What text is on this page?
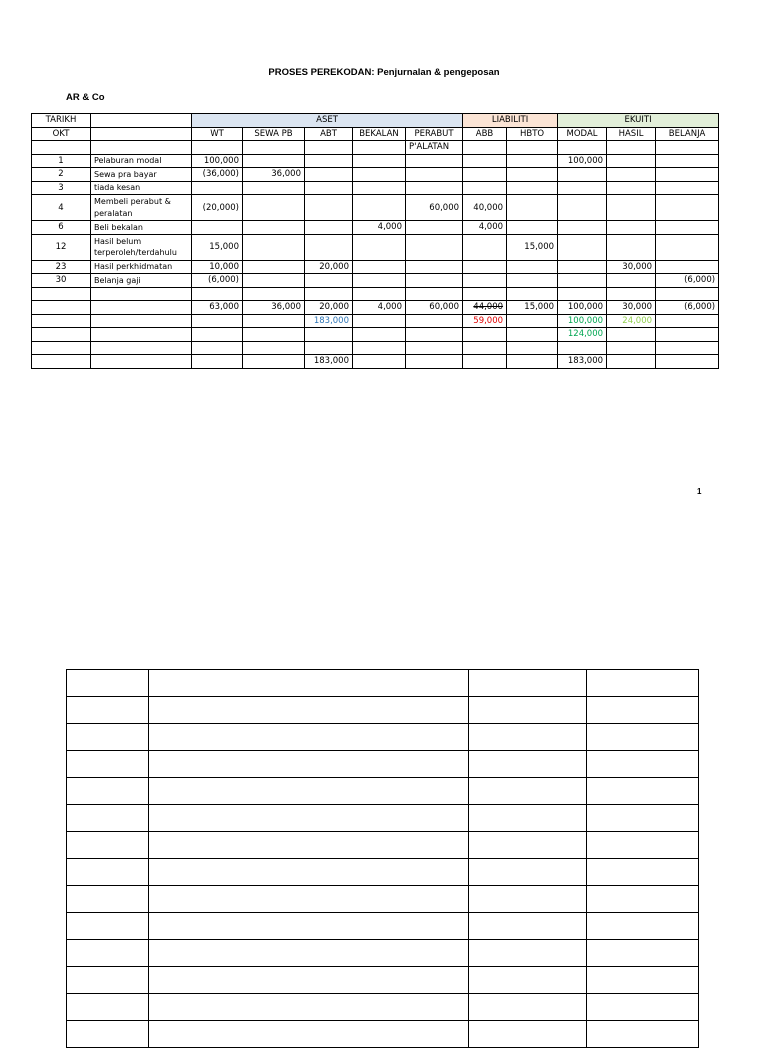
PROSES PEREKODAN: Penjurnalan & pengeposan
AR & Co
TARIKH		ASET					LIABILITI		EKUITI		
OKT		WT	SEWA PB	ABT	BEKALAN	PERABUT	ABB	HBTO	MODAL	HASIL	BELANJA
						P'ALATAN					
1	Pelaburan modal	100,000							100,000		
2	Sewa pra bayar	(36,000)	36,000								
3	tiada kesan										
4	Membeli perabut & peralatan	(20,000)				60,000	40,000				
6	Beli bekalan				4,000		4,000				
12	Hasil belum terperoleh/terdahulu	15,000						15,000			
23	Hasil perkhidmatan	10,000		20,000						30,000	
30	Belanja gaji	(6,000)									(6,000)

		63,000	36,000	20,000	4,000	60,000	44,000	15,000	100,000	30,000	(6,000)
				183,000			59,000		100,000	24,000	
									124,000		

				183,000					183,000		
1
